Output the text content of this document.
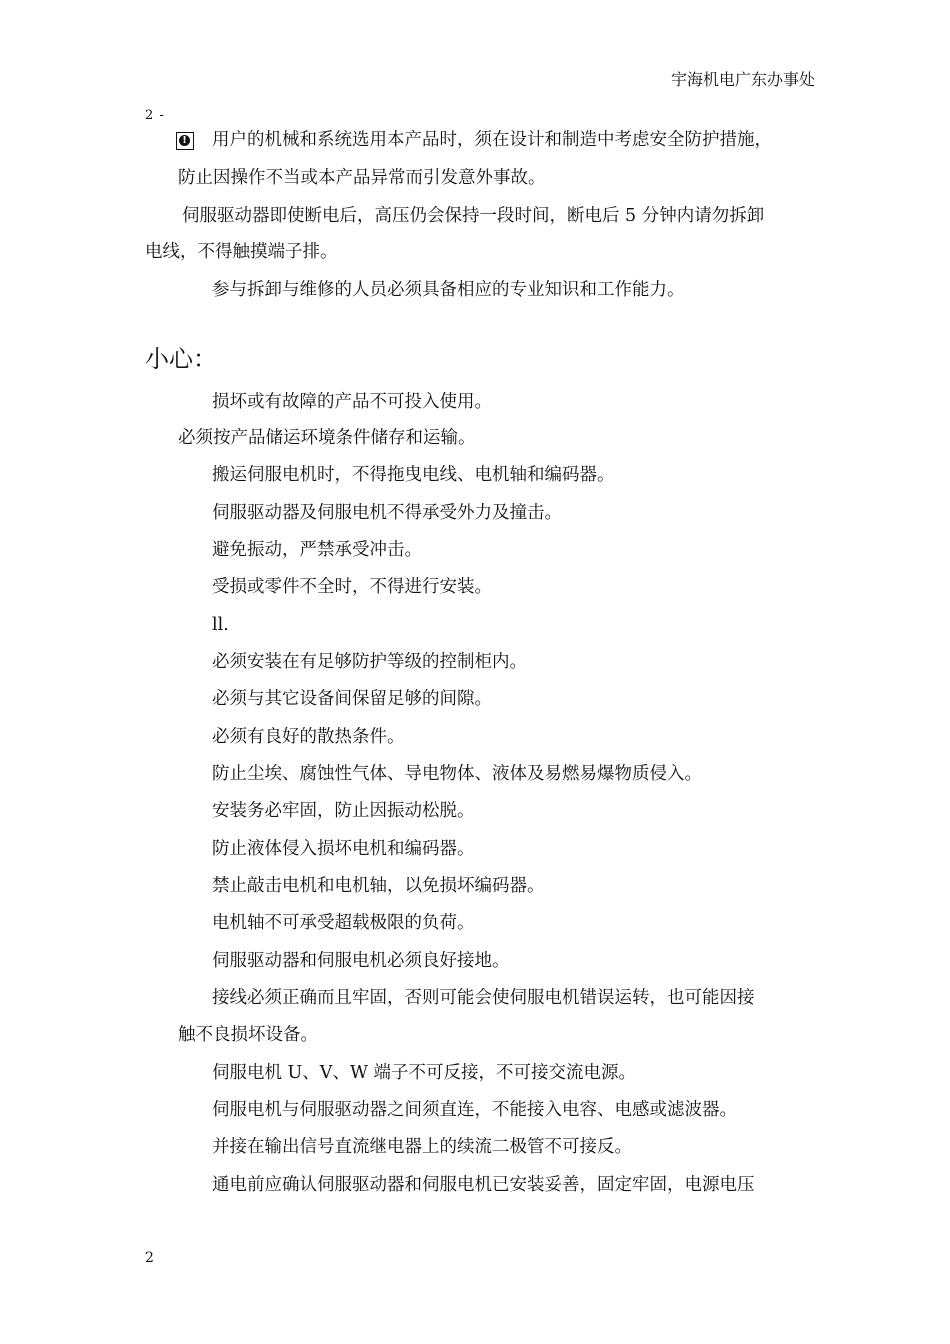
宇海机电广东办事处
2 -
! 用户的机械和系统选用本产品时，须在设计和制造中考虑安全防护措施，
防止因操作不当或本产品异常而引发意外事故。
伺服驱动器即使断电后，高压仍会保持一段时间，断电后 5 分钟内请勿拆卸
电线，不得触摸端子排。
参与拆卸与维修的人员必须具备相应的专业知识和工作能力。
小心：
损坏或有故障的产品不可投入使用。
必须按产品储运环境条件储存和运输。
搬运伺服电机时，不得拖曳电线、电机轴和编码器。
伺服驱动器及伺服电机不得承受外力及撞击。
避免振动，严禁承受冲击。
受损或零件不全时，不得进行安装。
ll.
必须安装在有足够防护等级的控制柜内。
必须与其它设备间保留足够的间隙。
必须有良好的散热条件。
防止尘埃、腐蚀性气体、导电物体、液体及易燃易爆物质侵入。
安装务必牢固，防止因振动松脱。
防止液体侵入损坏电机和编码器。
禁止敲击电机和电机轴，以免损坏编码器。
电机轴不可承受超载极限的负荷。
伺服驱动器和伺服电机必须良好接地。
接线必须正确而且牢固，否则可能会使伺服电机错误运转，也可能因接
触不良损坏设备。
伺服电机 U、V、W 端子不可反接，不可接交流电源。
伺服电机与伺服驱动器之间须直连，不能接入电容、电感或滤波器。
并接在输出信号直流继电器上的续流二极管不可接反。
通电前应确认伺服驱动器和伺服电机已安装妥善，固定牢固，电源电压
2
